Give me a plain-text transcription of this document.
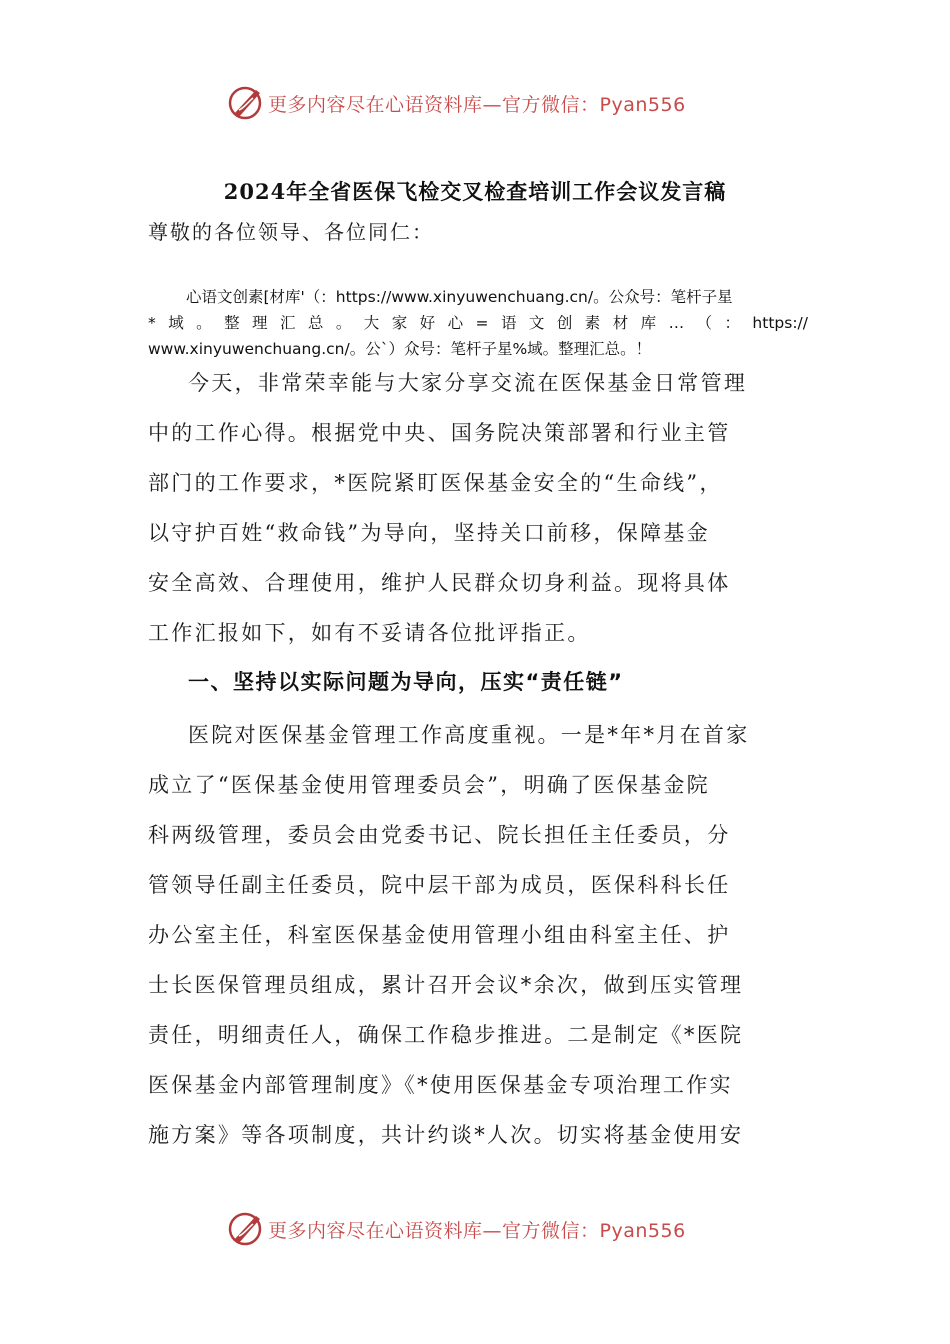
更多内容尽在心语资料库—官方微信：Pyan556
2024年全省医保飞检交叉检查培训工作会议发言稿
尊敬的各位领导、各位同仁：
心语文创素[材库'（：https://www.xinyuwenchuang.cn/。公众号：笔杆子星
*域。整理汇总。大家好心=语文创素材库…（：https://
www.xinyuwenchuang.cn/。公`）众号：笔杆子星%域。整理汇总。！
今天，非常荣幸能与大家分享交流在医保基金日常管理
中的工作心得。根据党中央、国务院决策部署和行业主管
部门的工作要求，*医院紧盯医保基金安全的“生命线”，
以守护百姓“救命钱”为导向，坚持关口前移，保障基金
安全高效、合理使用，维护人民群众切身利益。现将具体
工作汇报如下，如有不妥请各位批评指正。
一、坚持以实际问题为导向，压实“责任链”
医院对医保基金管理工作高度重视。一是*年*月在首家
成立了“医保基金使用管理委员会”，明确了医保基金院
科两级管理，委员会由党委书记、院长担任主任委员，分
管领导任副主任委员，院中层干部为成员，医保科科长任
办公室主任，科室医保基金使用管理小组由科室主任、护
士长医保管理员组成，累计召开会议*余次，做到压实管理
责任，明细责任人，确保工作稳步推进。二是制定《*医院
医保基金内部管理制度》《*使用医保基金专项治理工作实
施方案》等各项制度，共计约谈*人次。切实将基金使用安
更多内容尽在心语资料库—官方微信：Pyan556
